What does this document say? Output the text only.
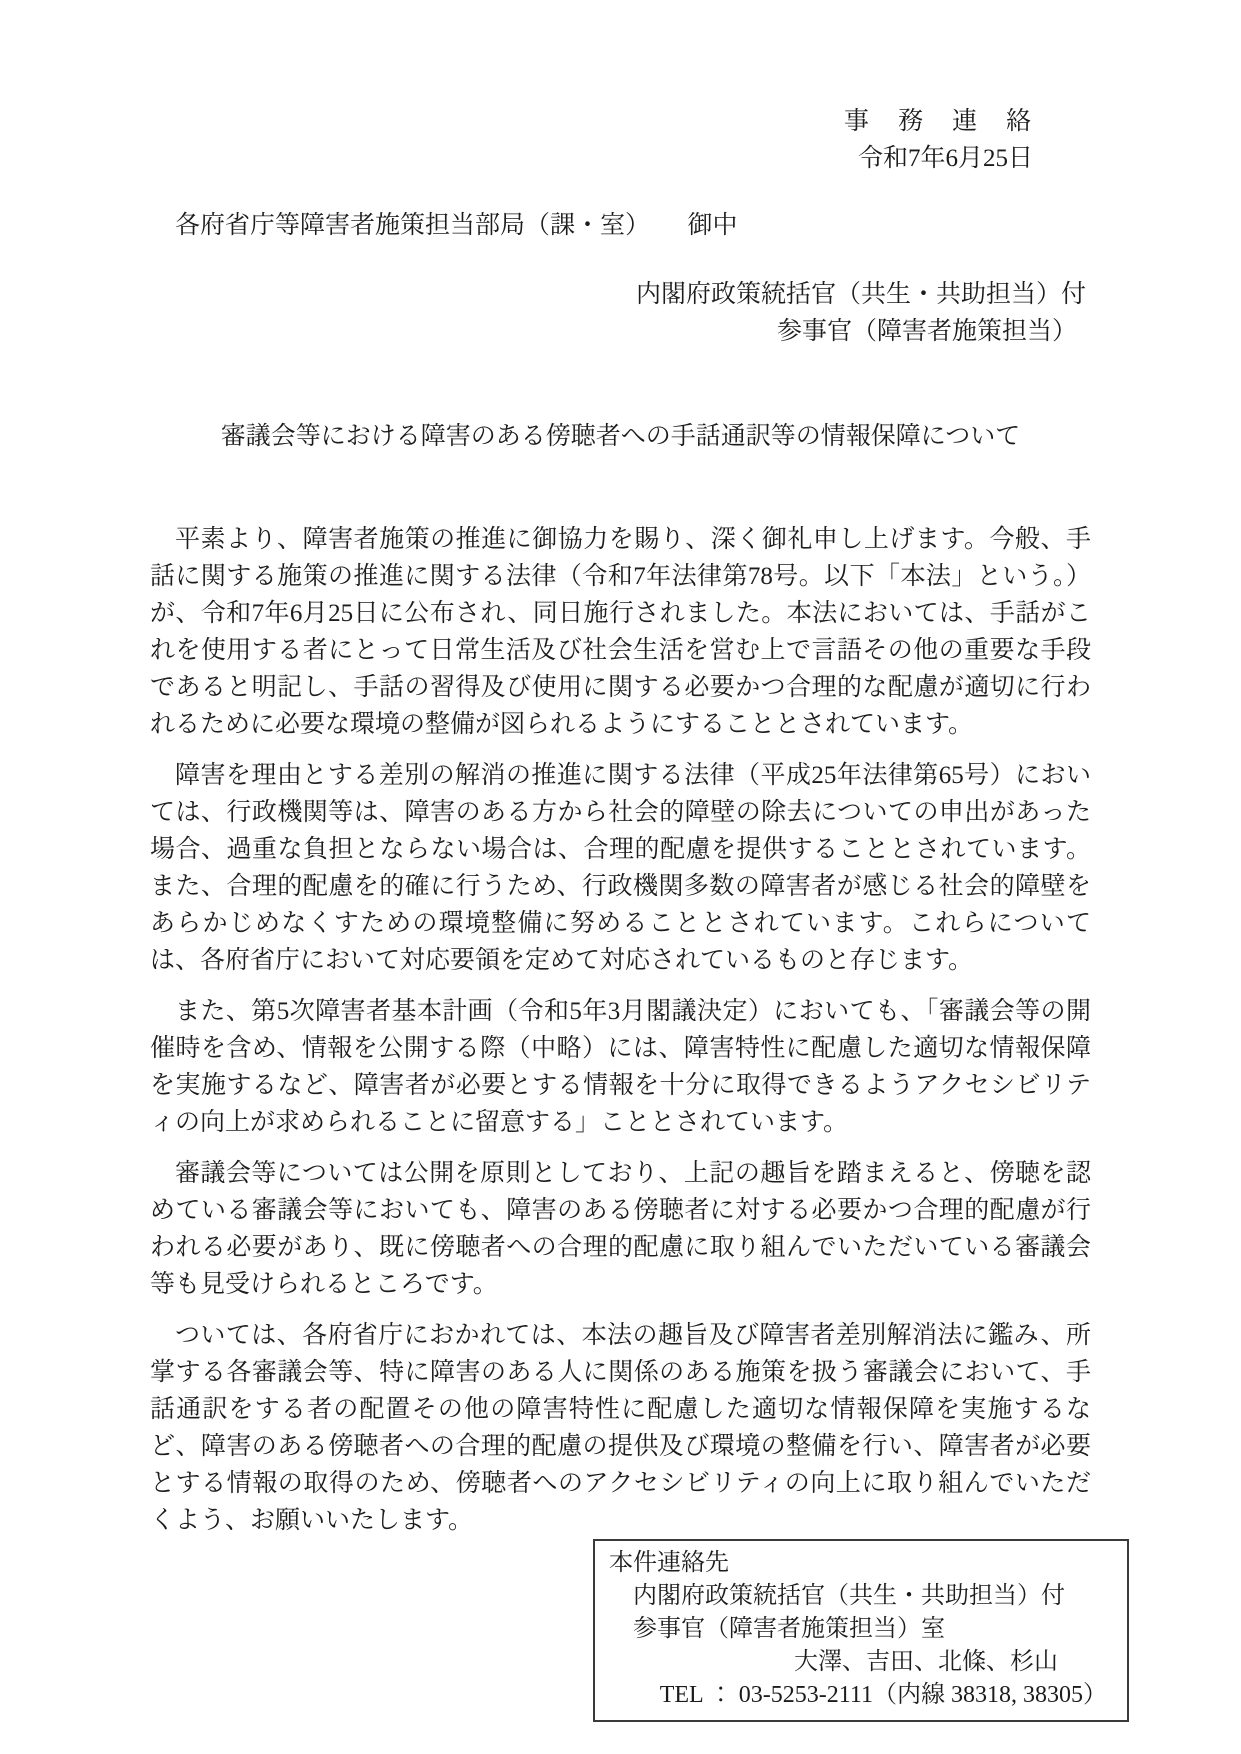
事　務　連　絡
令和7年6月25日
各府省庁等障害者施策担当部局（課・室）　　御中
内閣府政策統括官（共生・共助担当）付
参事官（障害者施策担当）
審議会等における障害のある傍聴者への手話通訳等の情報保障について

平素より、障害者施策の推進に御協力を賜り、深く御礼申し上げます。今般、手話に関する施策の推進に関する法律（令和7年法律第78号。以下「本法」という。）が、令和7年6月25日に公布され、同日施行されました。本法においては、手話がこれを使用する者にとって日常生活及び社会生活を営む上で言語その他の重要な手段であると明記し、手話の習得及び使用に関する必要かつ合理的な配慮が適切に行われるために必要な環境の整備が図られるようにすることとされています。

障害を理由とする差別の解消の推進に関する法律（平成25年法律第65号）においては、行政機関等は、障害のある方から社会的障壁の除去についての申出があった場合、過重な負担とならない場合は、合理的配慮を提供することとされています。また、合理的配慮を的確に行うため、行政機関多数の障害者が感じる社会的障壁をあらかじめなくすための環境整備に努めることとされています。これらについては、各府省庁において対応要領を定めて対応されているものと存じます。

また、第5次障害者基本計画（令和5年3月閣議決定）においても、「審議会等の開催時を含め、情報を公開する際（中略）には、障害特性に配慮した適切な情報保障を実施するなど、障害者が必要とする情報を十分に取得できるようアクセシビリティの向上が求められることに留意する」こととされています。

審議会等については公開を原則としており、上記の趣旨を踏まえると、傍聴を認めている審議会等においても、障害のある傍聴者に対する必要かつ合理的配慮が行われる必要があり、既に傍聴者への合理的配慮に取り組んでいただいている審議会等も見受けられるところです。

ついては、各府省庁におかれては、本法の趣旨及び障害者差別解消法に鑑み、所掌する各審議会等、特に障害のある人に関係のある施策を扱う審議会において、手話通訳をする者の配置その他の障害特性に配慮した適切な情報保障を実施するなど、障害のある傍聴者への合理的配慮の提供及び環境の整備を行い、障害者が必要とする情報の取得のため、傍聴者へのアクセシビリティの向上に取り組んでいただくよう、お願いいたします。

本件連絡先
内閣府政策統括官（共生・共助担当）付
参事官（障害者施策担当）室
大澤、吉田、北條、杉山
TEL ： 03-5253-2111（内線 38318, 38305）
